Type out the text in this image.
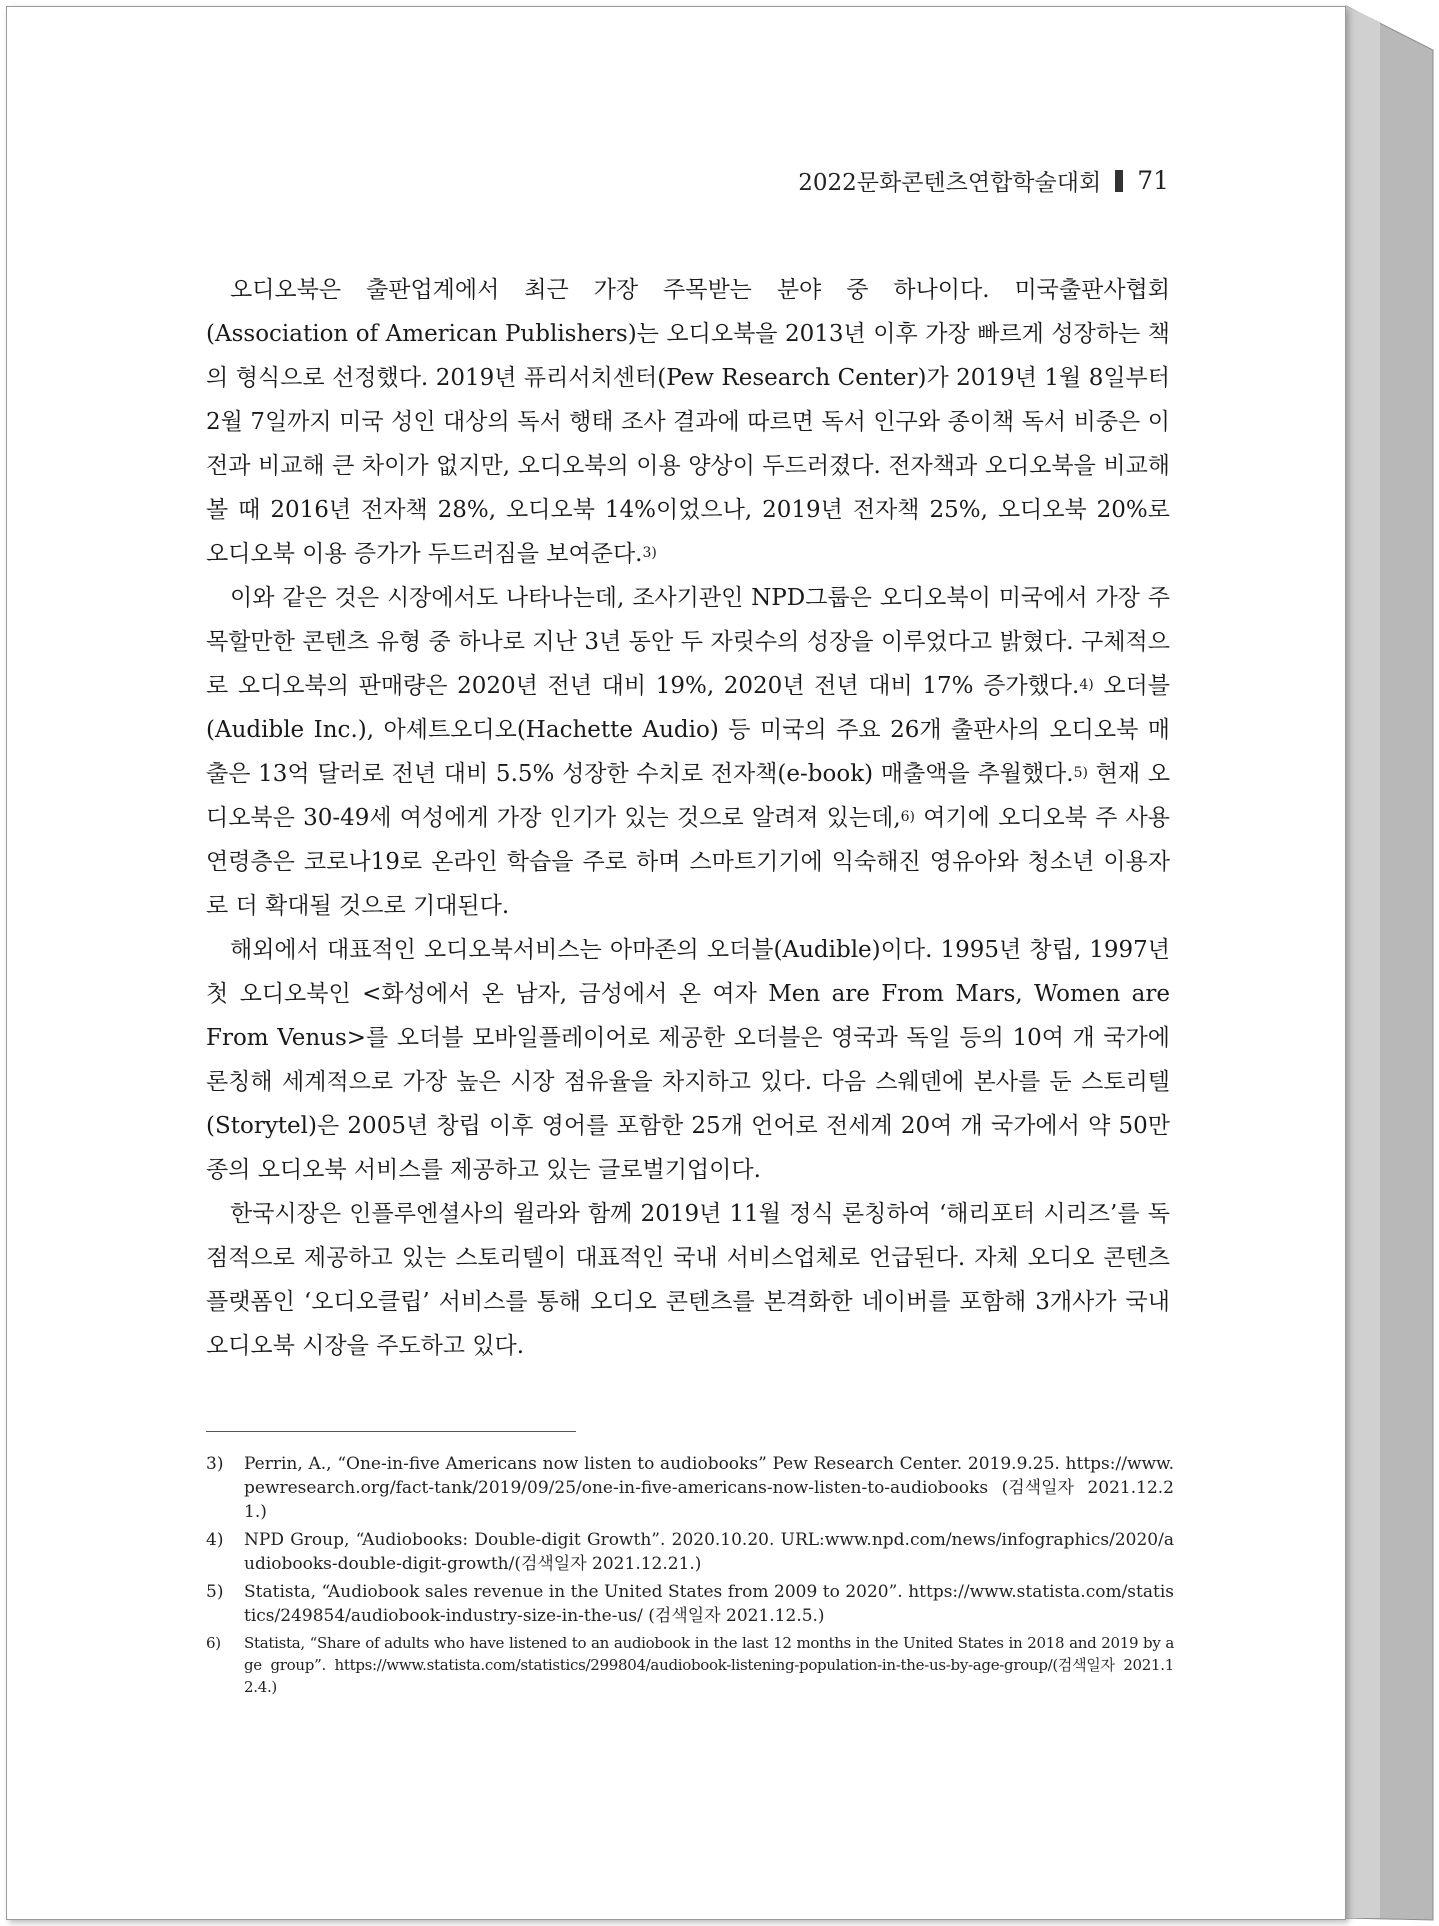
2022문화콘텐츠연합학술대회 71

오디오북은 출판업계에서 최근 가장 주목받는 분야 중 하나이다. 미국출판사협회(Association of American Publishers)는 오디오북을 2013년 이후 가장 빠르게 성장하는 책의 형식으로 선정했다. 2019년 퓨리서치센터(Pew Research Center)가 2019년 1월 8일부터 2월 7일까지 미국 성인 대상의 독서 행태 조사 결과에 따르면 독서 인구와 종이책 독서 비중은 이전과 비교해 큰 차이가 없지만, 오디오북의 이용 양상이 두드러졌다. 전자책과 오디오북을 비교해 볼 때 2016년 전자책 28%, 오디오북 14%이었으나, 2019년 전자책 25%, 오디오북 20%로 오디오북 이용 증가가 두드러짐을 보여준다.$^{3)}$

이와 같은 것은 시장에서도 나타나는데, 조사기관인 NPD그룹은 오디오북이 미국에서 가장 주목할만한 콘텐츠 유형 중 하나로 지난 3년 동안 두 자릿수의 성장을 이루었다고 밝혔다. 구체적으로 오디오북의 판매량은 2020년 전년 대비 19%, 2020년 전년 대비 17% 증가했다.$^{4)}$ 오더블(Audible Inc.), 아셰트오디오(Hachette Audio) 등 미국의 주요 26개 출판사의 오디오북 매출은 13억 달러로 전년 대비 5.5% 성장한 수치로 전자책(e-book) 매출액을 추월했다.$^{5)}$ 현재 오디오북은 30-49세 여성에게 가장 인기가 있는 것으로 알려져 있는데,$^{6)}$ 여기에 오디오북 주 사용 연령층은 코로나19로 온라인 학습을 주로 하며 스마트기기에 익숙해진 영유아와 청소년 이용자로 더 확대될 것으로 기대된다.

해외에서 대표적인 오디오북서비스는 아마존의 오더블(Audible)이다. 1995년 창립, 1997년 첫 오디오북인 <화성에서 온 남자, 금성에서 온 여자 Men are From Mars, Women are From Venus>를 오더블 모바일플레이어로 제공한 오더블은 영국과 독일 등의 10여 개 국가에 론칭해 세계적으로 가장 높은 시장 점유율을 차지하고 있다. 다음 스웨덴에 본사를 둔 스토리텔(Storytel)은 2005년 창립 이후 영어를 포함한 25개 언어로 전세계 20여 개 국가에서 약 50만 종의 오디오북 서비스를 제공하고 있는 글로벌기업이다.

한국시장은 인플루엔셜사의 윌라와 함께 2019년 11월 정식 론칭하여 ‘해리포터 시리즈’를 독점적으로 제공하고 있는 스토리텔이 대표적인 국내 서비스업체로 언급된다. 자체 오디오 콘텐츠 플랫폼인 ‘오디오클립’ 서비스를 통해 오디오 콘텐츠를 본격화한 네이버를 포함해 3개사가 국내 오디오북 시장을 주도하고 있다.

3) Perrin, A., “One-in-five Americans now listen to audiobooks” Pew Research Center. 2019.9.25. https://www.pewresearch.org/fact-tank/2019/09/25/one-in-five-americans-now-listen-to-audiobooks (검색일자 2021.12.21.)
4) NPD Group, “Audiobooks: Double-digit Growth”. 2020.10.20. URL:www.npd.com/news/infographics/2020/audiobooks-double-digit-growth/(검색일자 2021.12.21.)
5) Statista, “Audiobook sales revenue in the United States from 2009 to 2020”. https://www.statista.com/statistics/249854/audiobook-industry-size-in-the-us/ (검색일자 2021.12.5.)
6) Statista, “Share of adults who have listened to an audiobook in the last 12 months in the United States in 2018 and 2019 by age group”. https://www.statista.com/statistics/299804/audiobook-listening-population-in-the-us-by-age-group/(검색일자 2021.12.4.)
